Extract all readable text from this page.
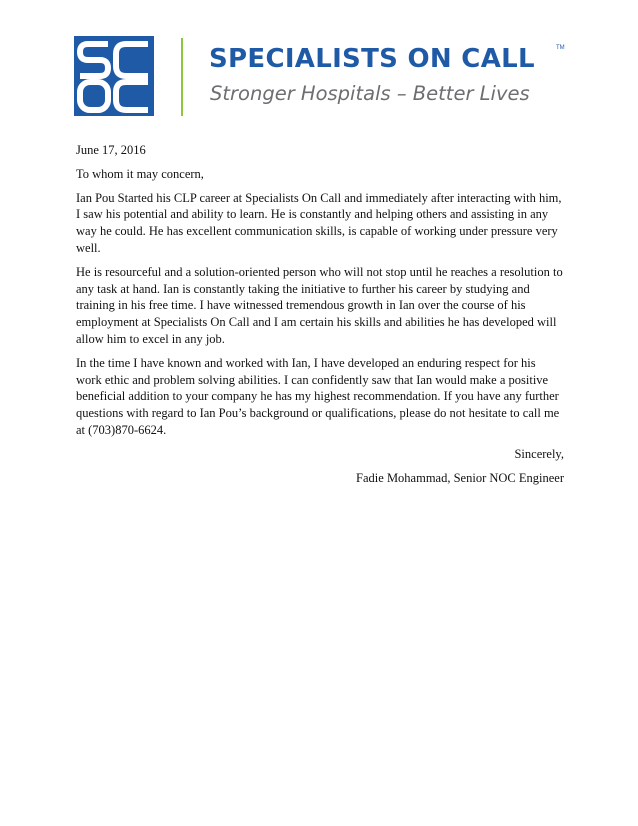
SPECIALISTS ON CALL	TM
Stronger Hospitals – Better Lives

June 17, 2016

To whom it may concern,

Ian Pou Started his CLP career at Specialists On Call and immediately after interacting with him, I saw his potential and ability to learn. He is constantly and helping others and assisting in any way he could. He has excellent communication skills, is capable of working under pressure very well.

He is resourceful and a solution-oriented person who will not stop until he reaches a resolution to any task at hand. Ian is constantly taking the initiative to further his career by studying and training in his free time. I have witnessed tremendous growth in Ian over the course of his employment at Specialists On Call and I am certain his skills and abilities he has developed will allow him to excel in any job.

In the time I have known and worked with Ian, I have developed an enduring respect for his work ethic and problem solving abilities. I can confidently saw that Ian would make a positive beneficial addition to your company he has my highest recommendation. If you have any further questions with regard to Ian Pou’s background or qualifications, please do not hesitate to call me at (703)870-6624.

Sincerely,

Fadie Mohammad, Senior NOC Engineer
